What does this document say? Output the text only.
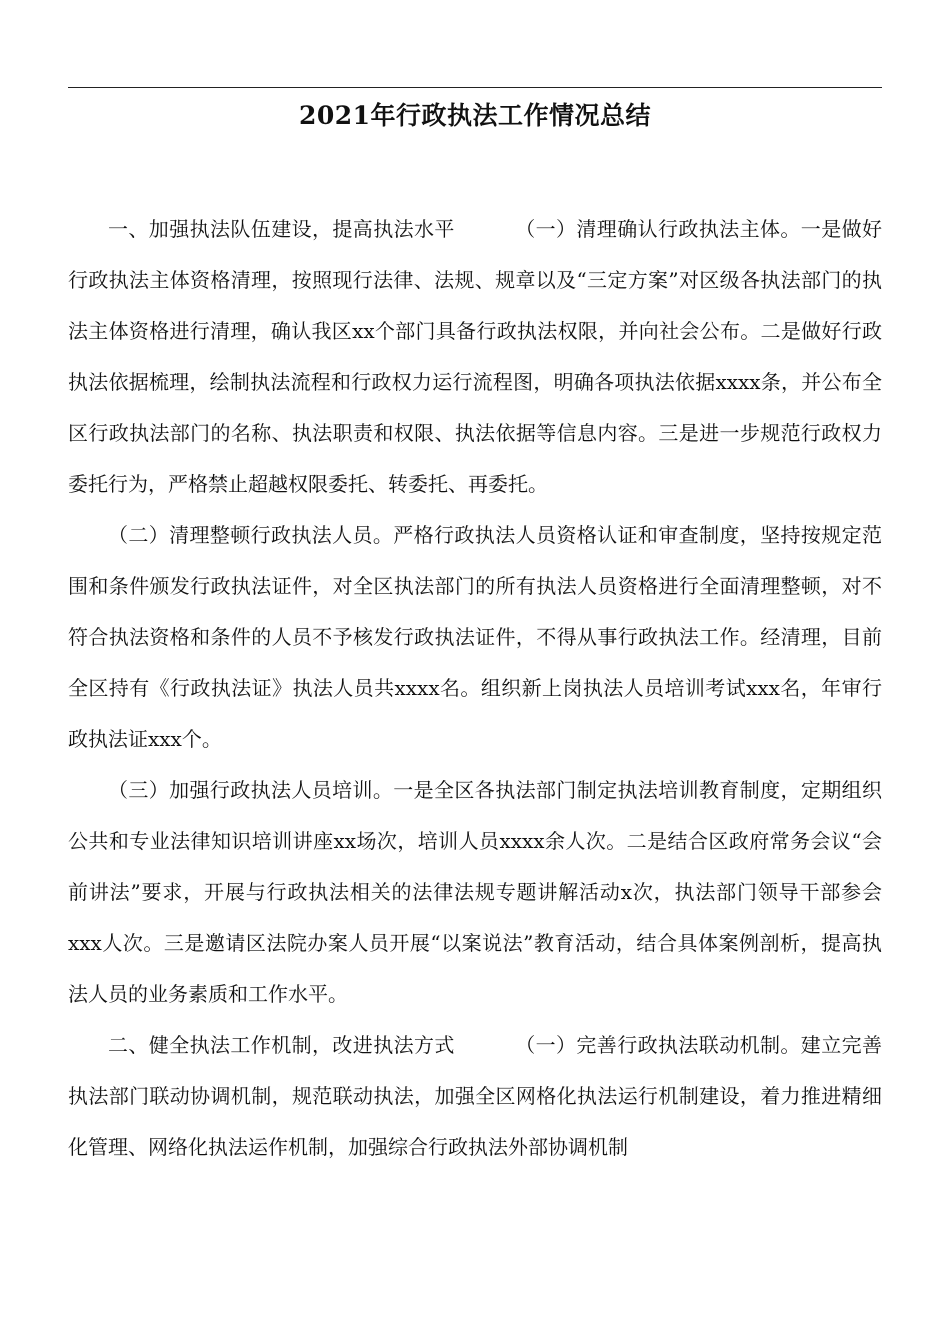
2021年行政执法工作情况总结

一、加强执法队伍建设，提高执法水平	（一）清理确认行政执法主体。一是做好行政执法主体资格清理，按照现行法律、法规、规章以及“三定方案”对区级各执法部门的执法主体资格进行清理，确认我区xx个部门具备行政执法权限，并向社会公布。二是做好行政执法依据梳理，绘制执法流程和行政权力运行流程图，明确各项执法依据xxxx条，并公布全区行政执法部门的名称、执法职责和权限、执法依据等信息内容。三是进一步规范行政权力委托行为，严格禁止超越权限委托、转委托、再委托。

（二）清理整顿行政执法人员。严格行政执法人员资格认证和审查制度，坚持按规定范围和条件颁发行政执法证件，对全区执法部门的所有执法人员资格进行全面清理整顿，对不符合执法资格和条件的人员不予核发行政执法证件，不得从事行政执法工作。经清理，目前全区持有《行政执法证》执法人员共xxxx名。组织新上岗执法人员培训考试xxx名，年审行政执法证xxx个。

（三）加强行政执法人员培训。一是全区各执法部门制定执法培训教育制度，定期组织公共和专业法律知识培训讲座xx场次，培训人员xxxx余人次。二是结合区政府常务会议“会前讲法”要求，开展与行政执法相关的法律法规专题讲解活动x次，执法部门领导干部参会xxx人次。三是邀请区法院办案人员开展“以案说法”教育活动，结合具体案例剖析，提高执法人员的业务素质和工作水平。

二、健全执法工作机制，改进执法方式	（一）完善行政执法联动机制。建立完善执法部门联动协调机制，规范联动执法，加强全区网格化执法运行机制建设，着力推进精细化管理、网络化执法运作机制，加强综合行政执法外部协调机制
